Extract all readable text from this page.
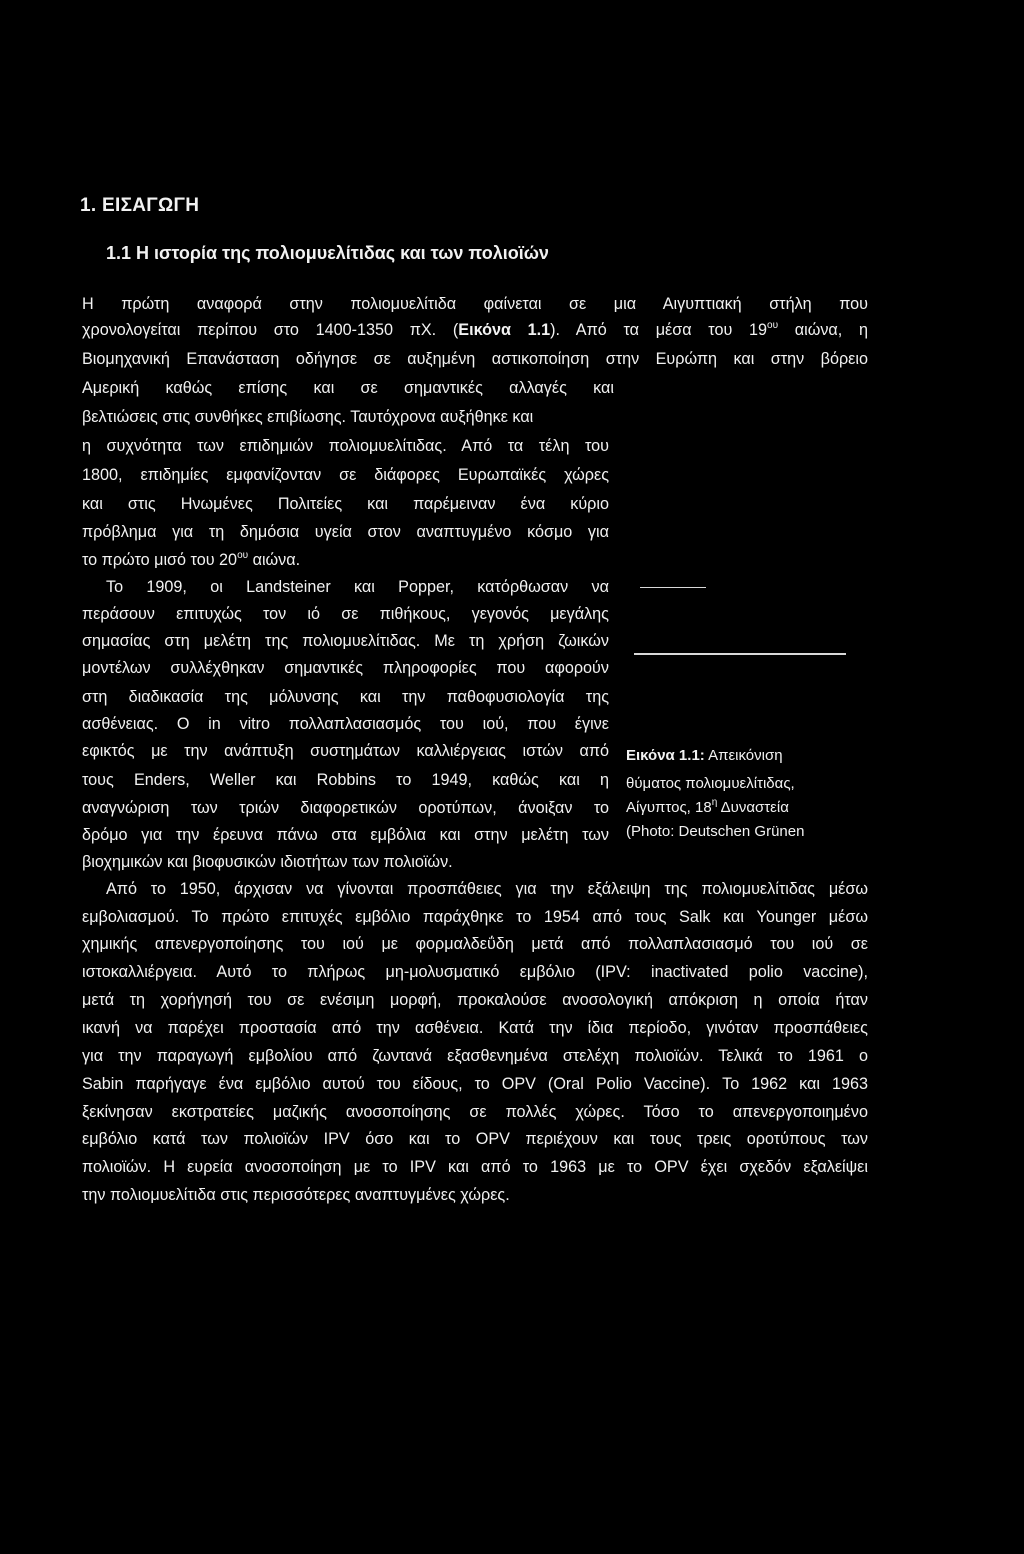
1. ΕΙΣΑΓΩΓΗ
1.1 Η ιστορία της πολιομυελίτιδας και των πολιοϊών
Η πρώτη αναφορά στην πολιομυελίτιδα φαίνεται σε μια Αιγυπτιακή στήλη που
χρονολογείται περίπου στο 1400-1350 πΧ. (Εικόνα 1.1). Από τα μέσα του $19^{o\upsilon}$ αιώνα, η
Βιομηχανική Επανάσταση οδήγησε σε αυξημένη αστικοποίηση στην Ευρώπη και στην βόρειο
Αμερική καθώς επίσης και σε σημαντικές αλλαγές και
βελτιώσεις στις συνθήκες επιβίωσης. Ταυτόχρονα αυξήθηκε και
η συχνότητα των επιδημιών πολιομυελίτιδας. Από τα τέλη του
1800, επιδημίες εμφανίζονταν σε διάφορες Ευρωπαϊκές χώρες
και στις Ηνωμένες Πολιτείες και παρέμειναν ένα κύριο
πρόβλημα για τη δημόσια υγεία στον αναπτυγμένο κόσμο για
το πρώτο μισό του $20^{o\upsilon}$ αιώνα.
Το 1909, οι Landsteiner και Popper, κατόρθωσαν να
περάσουν επιτυχώς τον ιό σε πιθήκους, γεγονός μεγάλης
σημασίας στη μελέτη της πολιομυελίτιδας. Με τη χρήση ζωικών
μοντέλων συλλέχθηκαν σημαντικές πληροφορίες που αφορούν
στη διαδικασία της μόλυνσης και την παθοφυσιολογία της
ασθένειας. Ο in vitro πολλαπλασιασμός του ιού, που έγινε
εφικτός με την ανάπτυξη συστημάτων καλλιέργειας ιστών από
τους Enders, Weller και Robbins το 1949, καθώς και η
αναγνώριση των τριών διαφορετικών οροτύπων, άνοιξαν το
δρόμο για την έρευνα πάνω στα εμβόλια και στην μελέτη των
βιοχημικών και βιοφυσικών ιδιοτήτων των πολιοϊών.
Εικόνα 1.1: Απεικόνιση
θύματος πολιομυελίτιδας,
Αίγυπτος, $18^\eta$ Δυναστεία
(Photo: Deutschen Grünen
Από το 1950, άρχισαν να γίνονται προσπάθειες για την εξάλειψη της πολιομυελίτιδας μέσω
εμβολιασμού. Το πρώτο επιτυχές εμβόλιο παράχθηκε το 1954 από τους Salk και Younger μέσω
χημικής απενεργοποίησης του ιού με φορμαλδεΰδη μετά από πολλαπλασιασμό του ιού σε
ιστοκαλλιέργεια. Αυτό το πλήρως μη-μολυσματικό εμβόλιο (IPV: inactivated polio vaccine),
μετά τη χορήγησή του σε ενέσιμη μορφή, προκαλούσε ανοσολογική απόκριση η οποία ήταν
ικανή να παρέχει προστασία από την ασθένεια. Κατά την ίδια περίοδο, γινόταν προσπάθειες
για την παραγωγή εμβολίου από ζωντανά εξασθενημένα στελέχη πολιοϊών. Τελικά το 1961 ο
Sabin παρήγαγε ένα εμβόλιο αυτού του είδους, το OPV (Oral Polio Vaccine). Το 1962 και 1963
ξεκίνησαν εκστρατείες μαζικής ανοσοποίησης σε πολλές χώρες. Τόσο το απενεργοποιημένο
εμβόλιο κατά των πολιοϊών IPV όσο και το OPV περιέχουν και τους τρεις οροτύπους των
πολιοϊών. Η ευρεία ανοσοποίηση με το IPV και από το 1963 με το OPV έχει σχεδόν εξαλείψει
την πολιομυελίτιδα στις περισσότερες αναπτυγμένες χώρες.
